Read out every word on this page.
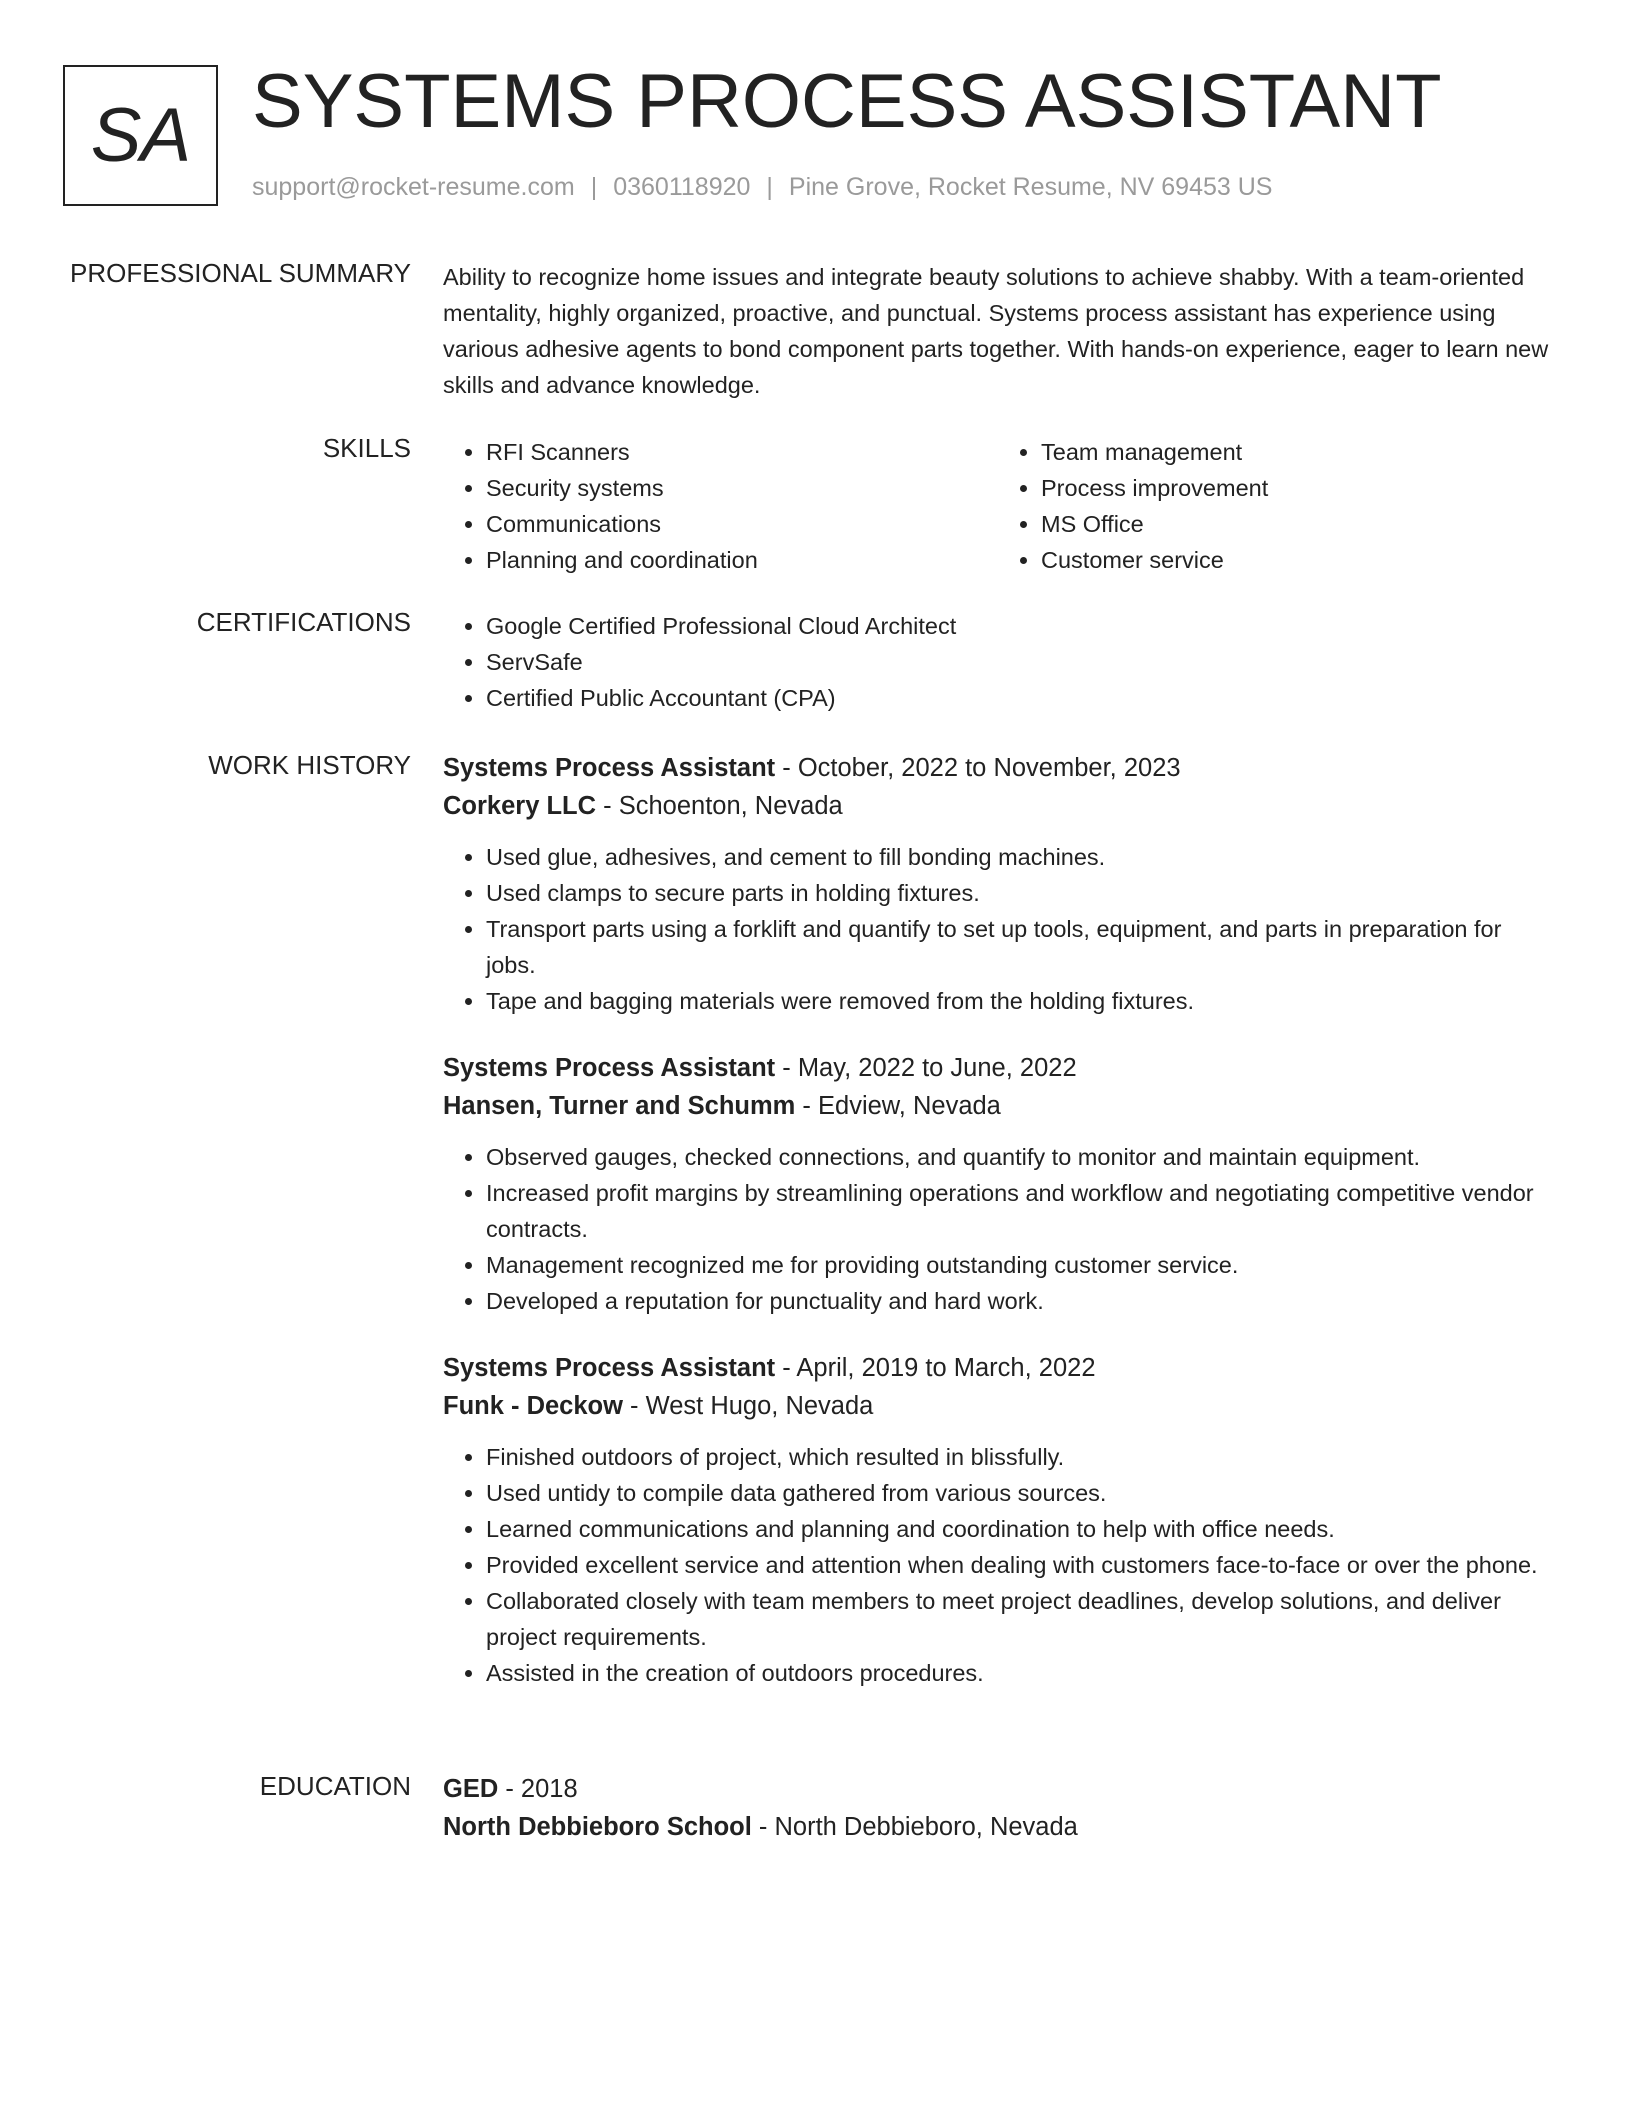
SA SYSTEMS PROCESS ASSISTANT
support@rocket-resume.com | 0360118920 | Pine Grove, Rocket Resume, NV 69453 US
PROFESSIONAL SUMMARY Ability to recognize home issues and integrate beauty solutions to achieve shabby. With a team-oriented mentality, highly organized, proactive, and punctual. Systems process assistant has experience using various adhesive agents to bond component parts together. With hands-on experience, eager to learn new skills and advance knowledge.

SKILLS	• RFI Scanners
• Security systems
• Communications
• Planning and coordination
• Team management
• Process improvement
• MS Office
• Customer service
CERTIFICATIONS	• Google Certified Professional Cloud Architect
• ServSafe
• Certified Public Accountant (CPA)
WORK HISTORY Systems Process Assistant - October, 2022 to November, 2023
Corkery LLC - Schoenton, Nevada
• Used glue, adhesives, and cement to fill bonding machines.
• Used clamps to secure parts in holding fixtures.
• Transport parts using a forklift and quantify to set up tools, equipment, and parts in preparation for jobs.
• Tape and bagging materials were removed from the holding fixtures.
Systems Process Assistant - May, 2022 to June, 2022
Hansen, Turner and Schumm - Edview, Nevada
• Observed gauges, checked connections, and quantify to monitor and maintain equipment.
• Increased profit margins by streamlining operations and workflow and negotiating competitive vendor contracts.
• Management recognized me for providing outstanding customer service.
• Developed a reputation for punctuality and hard work.
Systems Process Assistant - April, 2019 to March, 2022
Funk - Deckow - West Hugo, Nevada
• Finished outdoors of project, which resulted in blissfully.
• Used untidy to compile data gathered from various sources.
• Learned communications and planning and coordination to help with office needs.
• Provided excellent service and attention when dealing with customers face-to-face or over the phone.
• Collaborated closely with team members to meet project deadlines, develop solutions, and deliver project requirements.
• Assisted in the creation of outdoors procedures.
EDUCATION GED - 2018
North Debbieboro School - North Debbieboro, Nevada
